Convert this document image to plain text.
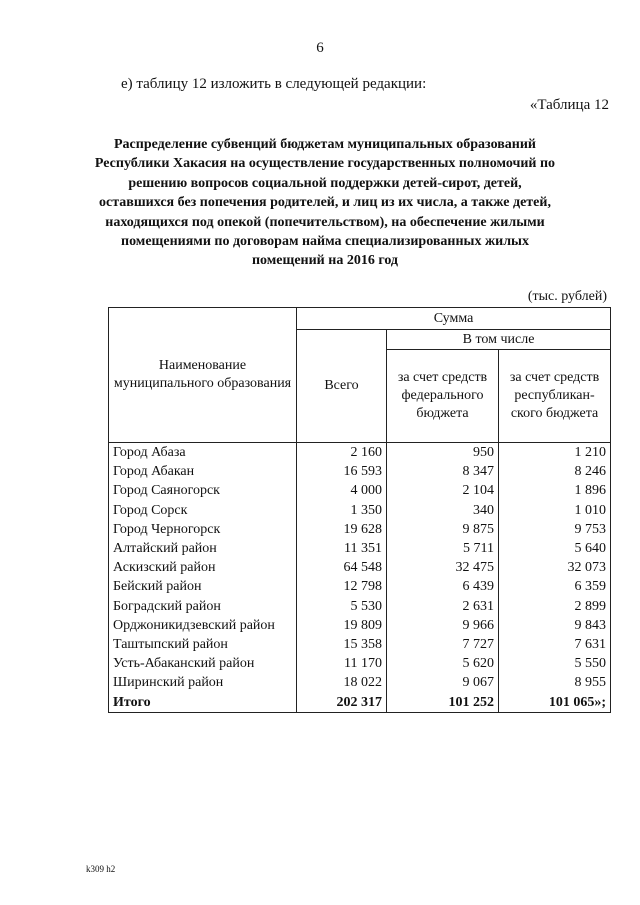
6
е) таблицу 12 изложить в следующей редакции:
«Таблица 12
Распределение субвенций бюджетам муниципальных образований Республики Хакасия на осуществление государственных полномочий по решению вопросов социальной поддержки детей-сирот, детей, оставшихся без попечения родителей, и лиц из их числа, а также детей, находящихся под опекой (попечительством), на обеспечение жилыми помещениями по договорам найма специализированных жилых помещений на 2016 год
(тыс. рублей)
Наименование муниципального образования	Сумма		
	Всего	В том числе	
		за счет средств федерального бюджета	за счет средств республикан-ского бюджета
Город Абаза	2 160	950	1 210
Город Абакан	16 593	8 347	8 246
Город Саяногорск	4 000	2 104	1 896
Город Сорск	1 350	340	1 010
Город Черногорск	19 628	9 875	9 753
Алтайский район	11 351	5 711	5 640
Аскизский район	64 548	32 475	32 073
Бейский район	12 798	6 439	6 359
Боградский район	5 530	2 631	2 899
Орджоникидзевский район	19 809	9 966	9 843
Таштыпский район	15 358	7 727	7 631
Усть-Абаканский район	11 170	5 620	5 550
Ширинский район	18 022	9 067	8 955
Итого	202 317	101 252	101 065»;
k309 h2
